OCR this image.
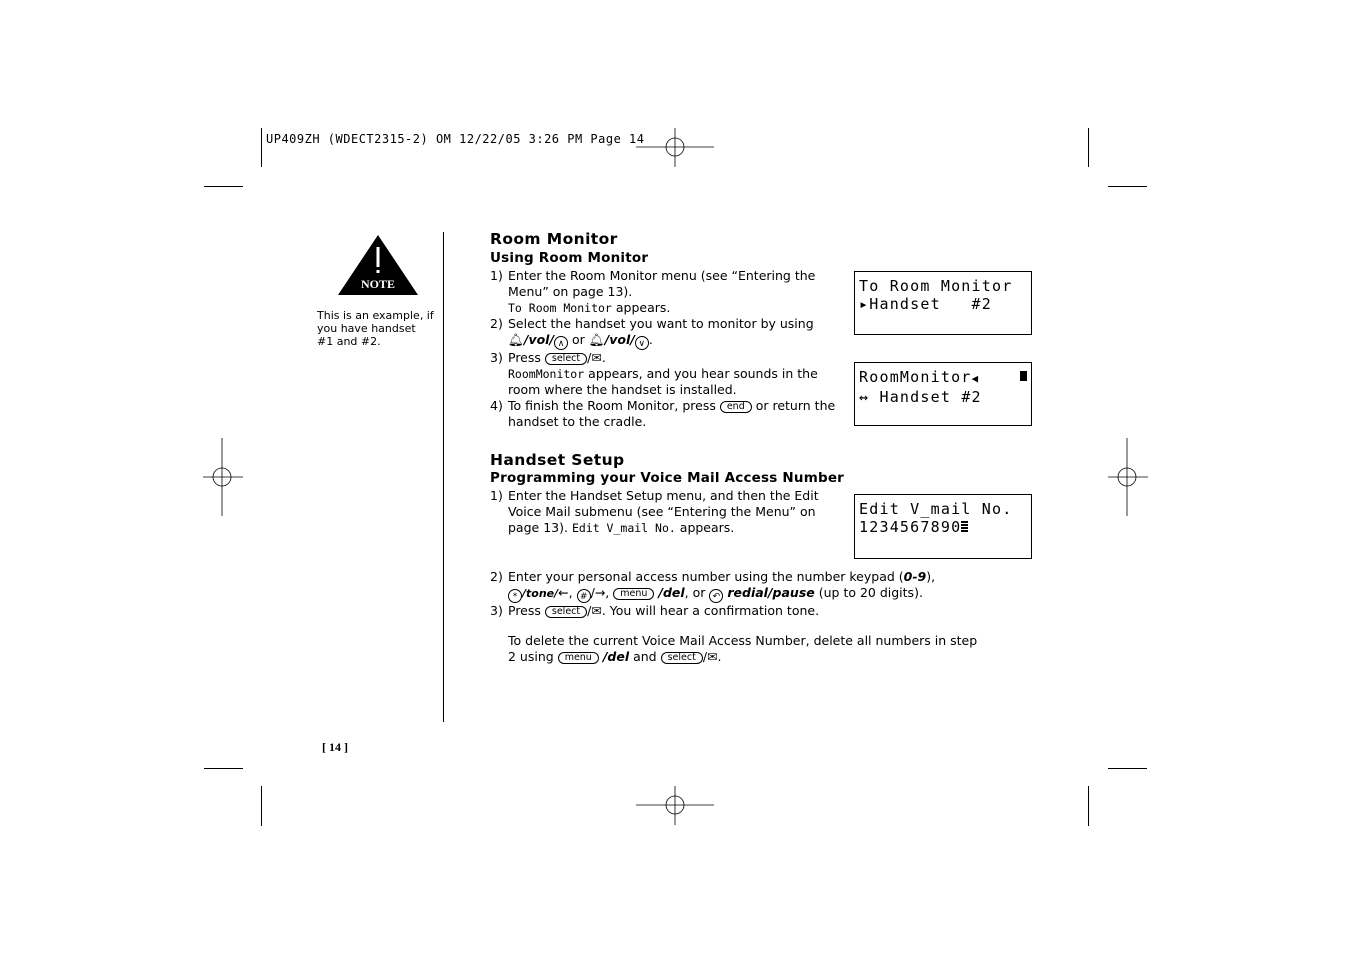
UP409ZH (WDECT2315-2) OM 12/22/05 3:26 PM Page 14
NOTE
This is an example, if you have handset #1 and #2.
[ 14 ]
Room Monitor
Using Room Monitor
1) Enter the Room Monitor menu (see “Entering the Menu” on page 13).
To Room Monitor appears.
2) Select the handset you want to monitor by using
🔔︎/vol/ ∧ or 🔔︎/vol/ ∨ .
3) Press select /✉︎.
RoomMonitor appears, and you hear sounds in the room where the handset is installed.
4) To finish the Room Monitor, press end or return the handset to the cradle.
To Room Monitor
▸Handset   #2
RoomMonitor◀

↔ Handset #2
Handset Setup
Programming your Voice Mail Access Number
1) Enter the Handset Setup menu, and then the Edit Voice Mail submenu (see “Entering the Menu” on page 13). Edit V_mail No. appears.
Edit V_mail No.
1234567890
2) Enter your personal access number using the number keypad (0-9),
* /tone/←, # /→, menu /del, or ↶ redial/pause (up to 20 digits).
3) Press select /✉︎. You will hear a confirmation tone.
To delete the current Voice Mail Access Number, delete all numbers in step 2 using menu /del and select /✉︎.
